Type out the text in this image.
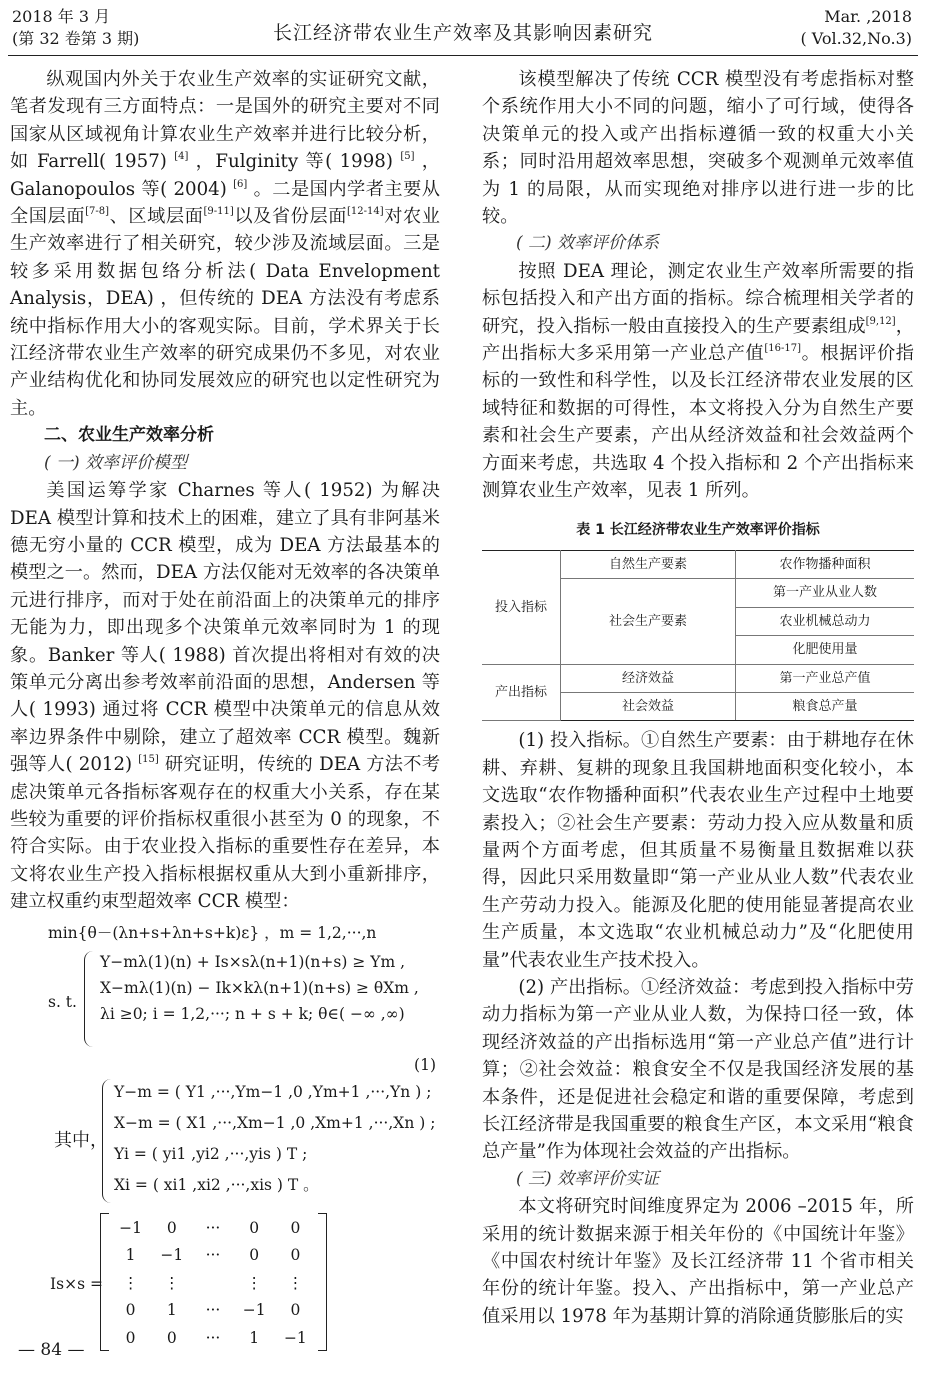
2018 年 3 月
(第 32 卷第 3 期)	长江经济带农业生产效率及其影响因素研究
Mar. ,2018
( Vol.32,No.3)

纵观国内外关于农业生产效率的实证研究文献，笔者发现有三方面特点：一是国外的研究主要对不同国家从区域视角计算农业生产效率并进行比较分析，如 Farrell( 1957) [4] ，Fulginity 等( 1998) [5] ，Galanopoulos 等( 2004) [6] 。二是国内学者主要从全国层面[7-8]、区域层面[9-11]以及省份层面[12-14]对农业生产效率进行了相关研究，较少涉及流域层面。三是较多采用数据包络分析法( Data Envelopment Analysis，DEA) ，但传统的 DEA 方法没有考虑系统中指标作用大小的客观实际。目前，学术界关于长江经济带农业生产效率的研究成果仍不多见，对农业产业结构优化和协同发展效应的研究也以定性研究为主。

二、农业生产效率分析
( 一) 效率评价模型

美国运筹学家 Charnes 等人( 1952) 为解决 DEA 模型计算和技术上的困难，建立了具有非阿基米德无穷小量的 CCR 模型，成为 DEA 方法最基本的模型之一。然而，DEA 方法仅能对无效率的各决策单元进行排序，而对于处在前沿面上的决策单元的排序无能为力，即出现多个决策单元效率同时为 1 的现象。Banker 等人( 1988) 首次提出将相对有效的决策单元分离出参考效率前沿面的思想，Andersen 等人( 1993) 通过将 CCR 模型中决策单元的信息从效率边界条件中剔除，建立了超效率 CCR 模型。魏新强等人( 2012) [15] 研究证明，传统的 DEA 方法不考虑决策单元各指标客观存在的权重大小关系，存在某些较为重要的评价指标权重很小甚至为 0 的现象，不符合实际。由于农业投入指标的重要性存在差异，本文将农业生产投入指标根据权重从大到小重新排序，建立权重约束型超效率 CCR 模型：

min{θ－(λn+s+λn+s+k)ε} ，m = 1,2,···,n
s. t.
Y−mλ(1)(n) + Is×sλ(n+1)(n+s) ≥ Ym ,
X−mλ(1)(n) − Ik×kλ(n+1)(n+s) ≥ θXm ,
λi ≥0; i = 1,2,···; n + s + k; θ∈( −∞ ,∞)
(1)
其中，
Y−m = ( Y1 ,···,Ym−1 ,0 ,Ym+1 ,···,Yn ) ;
X−m = ( X1 ,···,Xm−1 ,0 ,Xm+1 ,···,Xn ) ;
Yi = ( yi1 ,yi2 ,···,yis ) T ;
Xi = ( xi1 ,xi2 ,···,xis ) T 。
Is×s =
−1	0	···	0	0
1	−1	···	0	0
⋮	⋮		⋮	⋮
0	1	···	−1	0
0	0	···	1	−1

该模型解决了传统 CCR 模型没有考虑指标对整个系统作用大小不同的问题，缩小了可行域，使得各决策单元的投入或产出指标遵循一致的权重大小关系；同时沿用超效率思想，突破多个观测单元效率值为 1 的局限，从而实现绝对排序以进行进一步的比较。

( 二) 效率评价体系

按照 DEA 理论，测定农业生产效率所需要的指标包括投入和产出方面的指标。综合梳理相关学者的研究，投入指标一般由直接投入的生产要素组成[9,12]，产出指标大多采用第一产业总产值[16-17]。根据评价指标的一致性和科学性，以及长江经济带农业发展的区域特征和数据的可得性，本文将投入分为自然生产要素和社会生产要素，产出从经济效益和社会效益两个方面来考虑，共选取 4 个投入指标和 2 个产出指标来测算农业生产效率，见表 1 所列。

表 1 长江经济带农业生产效率评价指标
投入指标	自然生产要素	农作物播种面积
	社会生产要素	第一产业从业人数
		农业机械总动力
		化肥使用量
产出指标	经济效益	第一产业总产值
	社会效益	粮食总产量

(1) 投入指标。①自然生产要素：由于耕地存在休耕、弃耕、复耕的现象且我国耕地面积变化较小，本文选取“农作物播种面积”代表农业生产过程中土地要素投入；②社会生产要素：劳动力投入应从数量和质量两个方面考虑，但其质量不易衡量且数据难以获得，因此只采用数量即“第一产业从业人数”代表农业生产劳动力投入。能源及化肥的使用能显著提高农业生产质量，本文选取“农业机械总动力”及“化肥使用量”代表农业生产技术投入。

(2) 产出指标。①经济效益：考虑到投入指标中劳动力指标为第一产业从业人数，为保持口径一致，体现经济效益的产出指标选用“第一产业总产值”进行计算；②社会效益：粮食安全不仅是我国经济发展的基本条件，还是促进社会稳定和谐的重要保障，考虑到长江经济带是我国重要的粮食生产区，本文采用“粮食总产量”作为体现社会效益的产出指标。

( 三) 效率评价实证

本文将研究时间维度界定为 2006 –2015 年，所采用的统计数据来源于相关年份的《中国统计年鉴》《中国农村统计年鉴》及长江经济带 11 个省市相关年份的统计年鉴。投入、产出指标中，第一产业总产值采用以 1978 年为基期计算的消除通货膨胀后的实

— 84 —
